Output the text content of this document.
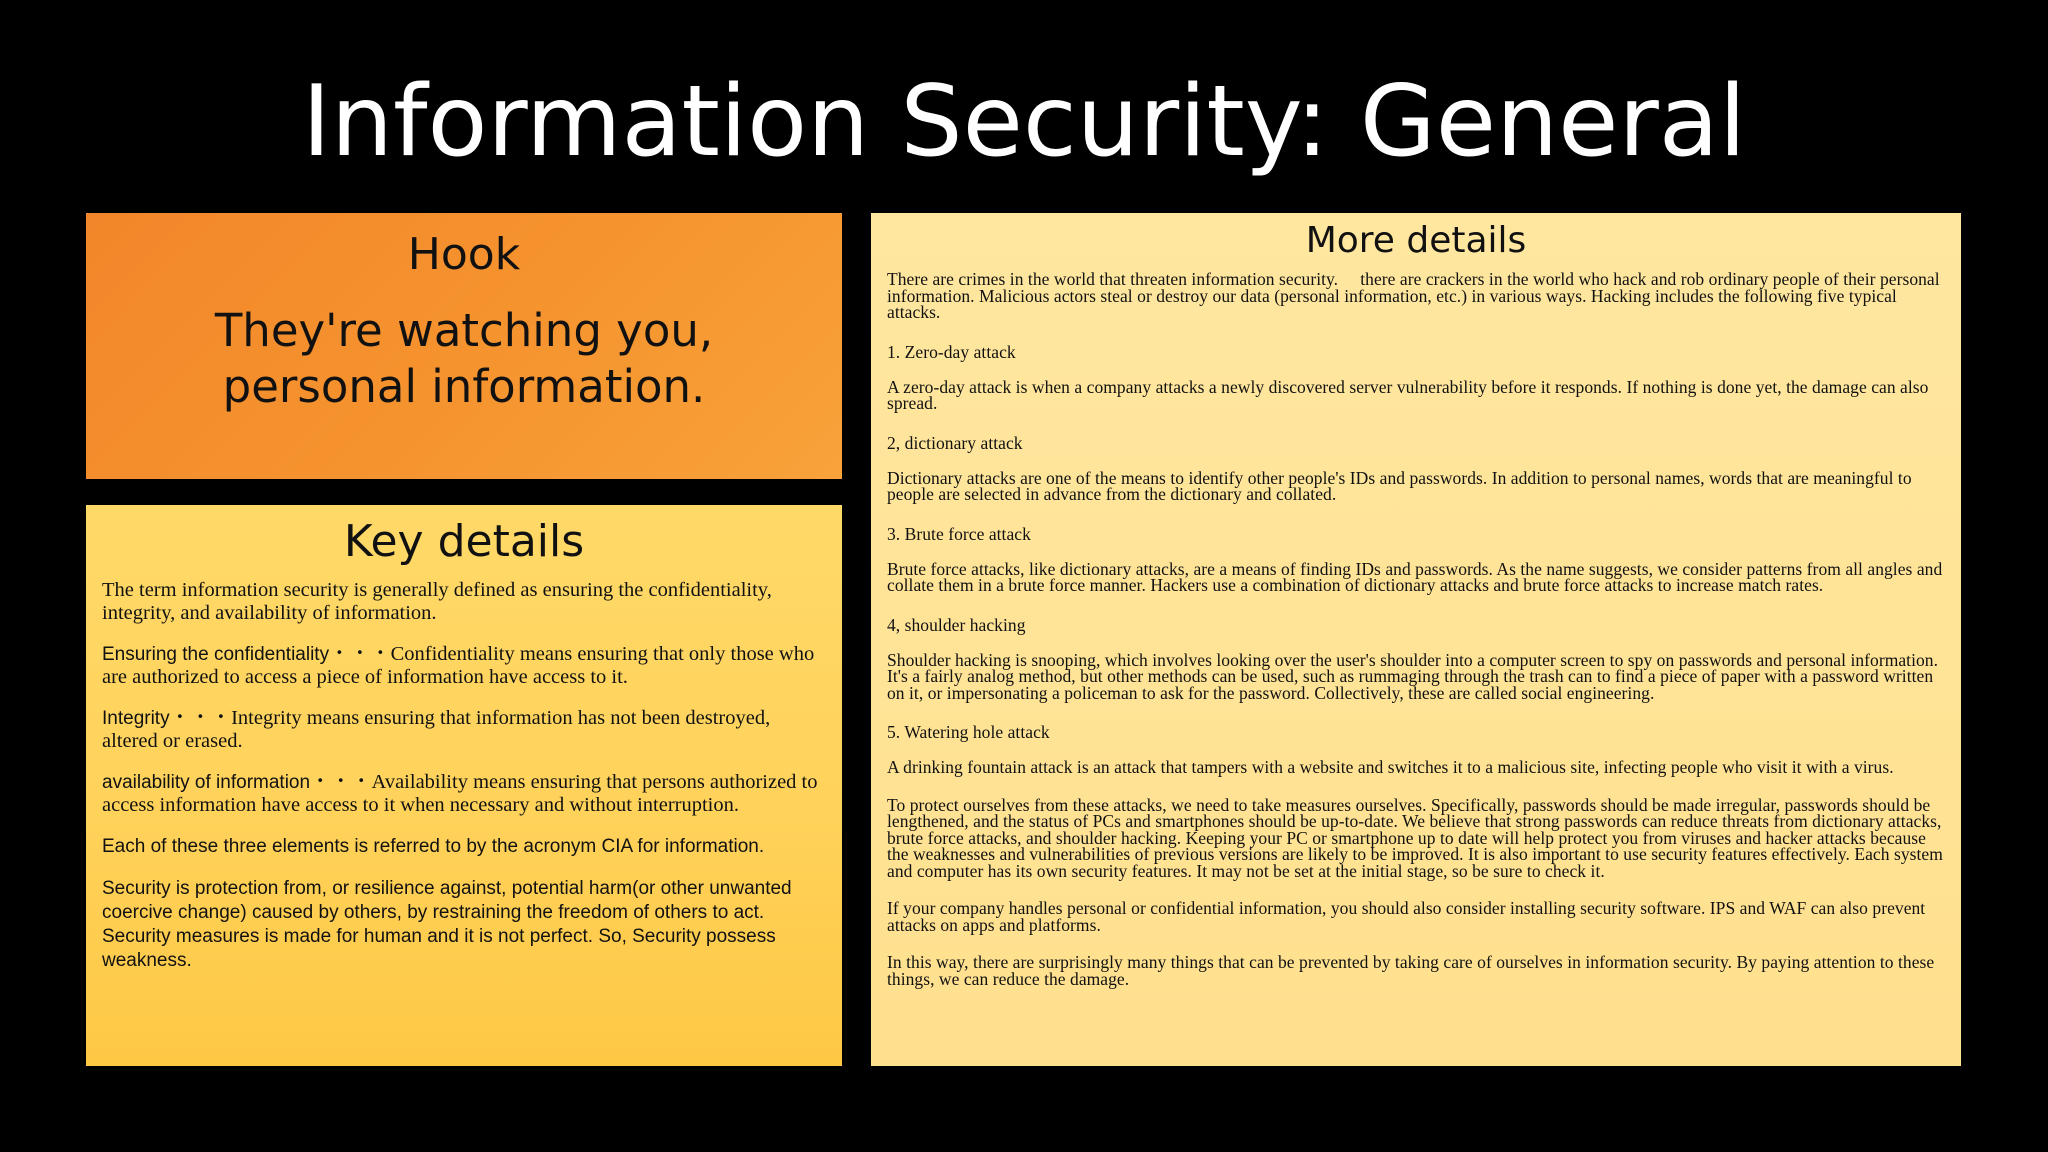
Information Security: General
Hook
They're watching you, personal information.
Key details

The term information security is generally defined as ensuring the confidentiality, integrity, and availability of information.

Ensuring the confidentiality・・・Confidentiality means ensuring that only those who are authorized to access a piece of information have access to it.

Integrity・・・Integrity means ensuring that information has not been destroyed, altered or erased.

availability of information・・・Availability means ensuring that persons authorized to access information have access to it when necessary and without interruption.

Each of these three elements is referred to by the acronym CIA for information.

Security is protection from, or resilience against, potential harm(or other unwanted coercive change) caused by others, by restraining the freedom of others to act. Security measures is made for human and it is not perfect. So, Security possess weakness.

More details

There are crimes in the world that threaten information security.     there are crackers in the world who hack and rob ordinary people of their personal information. Malicious actors steal or destroy our data (personal information, etc.) in various ways. Hacking includes the following five typical attacks.

1. Zero-day attack

A zero-day attack is when a company attacks a newly discovered server vulnerability before it responds. If nothing is done yet, the damage can also spread.

2, dictionary attack

Dictionary attacks are one of the means to identify other people's IDs and passwords. In addition to personal names, words that are meaningful to people are selected in advance from the dictionary and collated.

3. Brute force attack

Brute force attacks, like dictionary attacks, are a means of finding IDs and passwords. As the name suggests, we consider patterns from all angles and collate them in a brute force manner. Hackers use a combination of dictionary attacks and brute force attacks to increase match rates.

4, shoulder hacking

Shoulder hacking is snooping, which involves looking over the user's shoulder into a computer screen to spy on passwords and personal information. It's a fairly analog method, but other methods can be used, such as rummaging through the trash can to find a piece of paper with a password written on it, or impersonating a policeman to ask for the password. Collectively, these are called social engineering.

5. Watering hole attack

A drinking fountain attack is an attack that tampers with a website and switches it to a malicious site, infecting people who visit it with a virus.

To protect ourselves from these attacks, we need to take measures ourselves. Specifically, passwords should be made irregular, passwords should be lengthened, and the status of PCs and smartphones should be up-to-date. We believe that strong passwords can reduce threats from dictionary attacks, brute force attacks, and shoulder hacking. Keeping your PC or smartphone up to date will help protect you from viruses and hacker attacks because the weaknesses and vulnerabilities of previous versions are likely to be improved. It is also important to use security features effectively. Each system and computer has its own security features. It may not be set at the initial stage, so be sure to check it.

If your company handles personal or confidential information, you should also consider installing security software. IPS and WAF can also prevent attacks on apps and platforms.

In this way, there are surprisingly many things that can be prevented by taking care of ourselves in information security. By paying attention to these things, we can reduce the damage.
